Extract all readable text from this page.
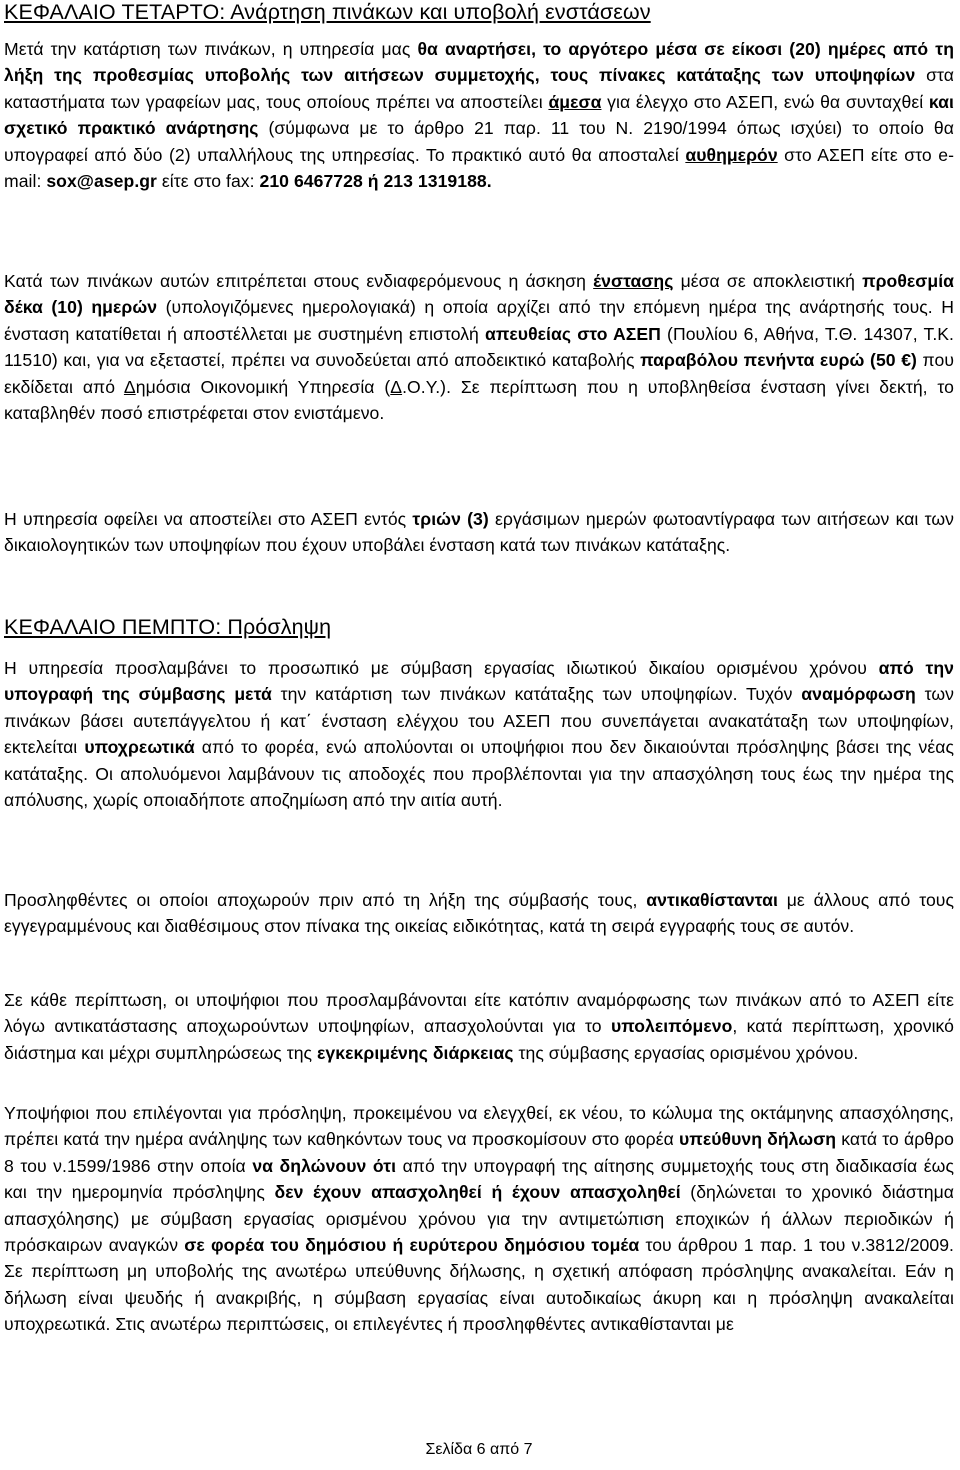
ΚΕΦΑΛΑΙΟ ΤΕΤΑΡΤΟ: Ανάρτηση πινάκων και υποβολή ενστάσεων

Μετά την κατάρτιση των πινάκων, η υπηρεσία μας θα αναρτήσει, το αργότερο μέσα σε είκοσι (20) ημέρες από τη λήξη της προθεσμίας υποβολής των αιτήσεων συμμετοχής, τους πίνακες κατάταξης των υποψηφίων στα καταστήματα των γραφείων μας, τους οποίους πρέπει να αποστείλει άμεσα για έλεγχο στο ΑΣΕΠ, ενώ θα συνταχθεί και σχετικό πρακτικό ανάρτησης (σύμφωνα με το άρθρο 21 παρ. 11 του Ν. 2190/1994 όπως ισχύει) το οποίο θα υπογραφεί από δύο (2) υπαλλήλους της υπηρεσίας. Το πρακτικό αυτό θα αποσταλεί αυθημερόν στο ΑΣΕΠ είτε στο e-mail: sox@asep.gr είτε στο fax: 210 6467728 ή 213 1319188.

Κατά των πινάκων αυτών επιτρέπεται στους ενδιαφερόμενους η άσκηση ένστασης μέσα σε αποκλειστική προθεσμία δέκα (10) ημερών (υπολογιζόμενες ημερολογιακά) η οποία αρχίζει από την επόμενη ημέρα της ανάρτησής τους. Η ένσταση κατατίθεται ή αποστέλλεται με συστημένη επιστολή απευθείας στο ΑΣΕΠ (Πουλίου 6, Αθήνα, Τ.Θ. 14307, Τ.Κ. 11510) και, για να εξεταστεί, πρέπει να συνοδεύεται από αποδεικτικό καταβολής παραβόλου πενήντα ευρώ (50 €) που εκδίδεται από Δημόσια Οικονομική Υπηρεσία (Δ.Ο.Υ.). Σε περίπτωση που η υποβληθείσα ένσταση γίνει δεκτή, το καταβληθέν ποσό επιστρέφεται στον ενιστάμενο.

Η υπηρεσία οφείλει να αποστείλει στο ΑΣΕΠ εντός τριών (3) εργάσιμων ημερών φωτοαντίγραφα των αιτήσεων και των δικαιολογητικών των υποψηφίων που έχουν υποβάλει ένσταση κατά των πινάκων κατάταξης.

ΚΕΦΑΛΑΙΟ ΠΕΜΠΤΟ: Πρόσληψη

Η υπηρεσία προσλαμβάνει το προσωπικό με σύμβαση εργασίας ιδιωτικού δικαίου ορισμένου χρόνου από την υπογραφή της σύμβασης μετά την κατάρτιση των πινάκων κατάταξης των υποψηφίων. Τυχόν αναμόρφωση των πινάκων βάσει αυτεπάγγελτου ή κατ΄ ένσταση ελέγχου του ΑΣΕΠ που συνεπάγεται ανακατάταξη των υποψηφίων, εκτελείται υποχρεωτικά από το φορέα, ενώ απολύονται οι υποψήφιοι που δεν δικαιούνται πρόσληψης βάσει της νέας κατάταξης. Οι απολυόμενοι λαμβάνουν τις αποδοχές που προβλέπονται για την απασχόληση τους έως την ημέρα της απόλυσης, χωρίς οποιαδήποτε αποζημίωση από την αιτία αυτή.

Προσληφθέντες οι οποίοι αποχωρούν πριν από τη λήξη της σύμβασής τους, αντικαθίστανται με άλλους από τους εγγεγραμμένους και διαθέσιμους στον πίνακα της οικείας ειδικότητας, κατά τη σειρά εγγραφής τους σε αυτόν.

Σε κάθε περίπτωση, οι υποψήφιοι που προσλαμβάνονται είτε κατόπιν αναμόρφωσης των πινάκων από το ΑΣΕΠ είτε λόγω αντικατάστασης αποχωρούντων υποψηφίων, απασχολούνται για το υπολειπόμενο, κατά περίπτωση, χρονικό διάστημα και μέχρι συμπληρώσεως της εγκεκριμένης διάρκειας της σύμβασης εργασίας ορισμένου χρόνου.

Υποψήφιοι που επιλέγονται για πρόσληψη, προκειμένου να ελεγχθεί, εκ νέου, το κώλυμα της οκτάμηνης απασχόλησης, πρέπει κατά την ημέρα ανάληψης των καθηκόντων τους να προσκομίσουν στο φορέα υπεύθυνη δήλωση κατά το άρθρο 8 του ν.1599/1986 στην οποία να δηλώνουν ότι από την υπογραφή της αίτησης συμμετοχής τους στη διαδικασία έως και την ημερομηνία πρόσληψης δεν έχουν απασχοληθεί ή έχουν απασχοληθεί (δηλώνεται το χρονικό διάστημα απασχόλησης) με σύμβαση εργασίας ορισμένου χρόνου για την αντιμετώπιση εποχικών ή άλλων περιοδικών ή πρόσκαιρων αναγκών σε φορέα του δημόσιου ή ευρύτερου δημόσιου τομέα του άρθρου 1 παρ. 1 του ν.3812/2009. Σε περίπτωση μη υποβολής της ανωτέρω υπεύθυνης δήλωσης, η σχετική απόφαση πρόσληψης ανακαλείται. Εάν η δήλωση είναι ψευδής ή ανακριβής, η σύμβαση εργασίας είναι αυτοδικαίως άκυρη και η πρόσληψη ανακαλείται υποχρεωτικά. Στις ανωτέρω περιπτώσεις, οι επιλεγέντες ή προσληφθέντες αντικαθίστανται με

Σελίδα 6 από 7
